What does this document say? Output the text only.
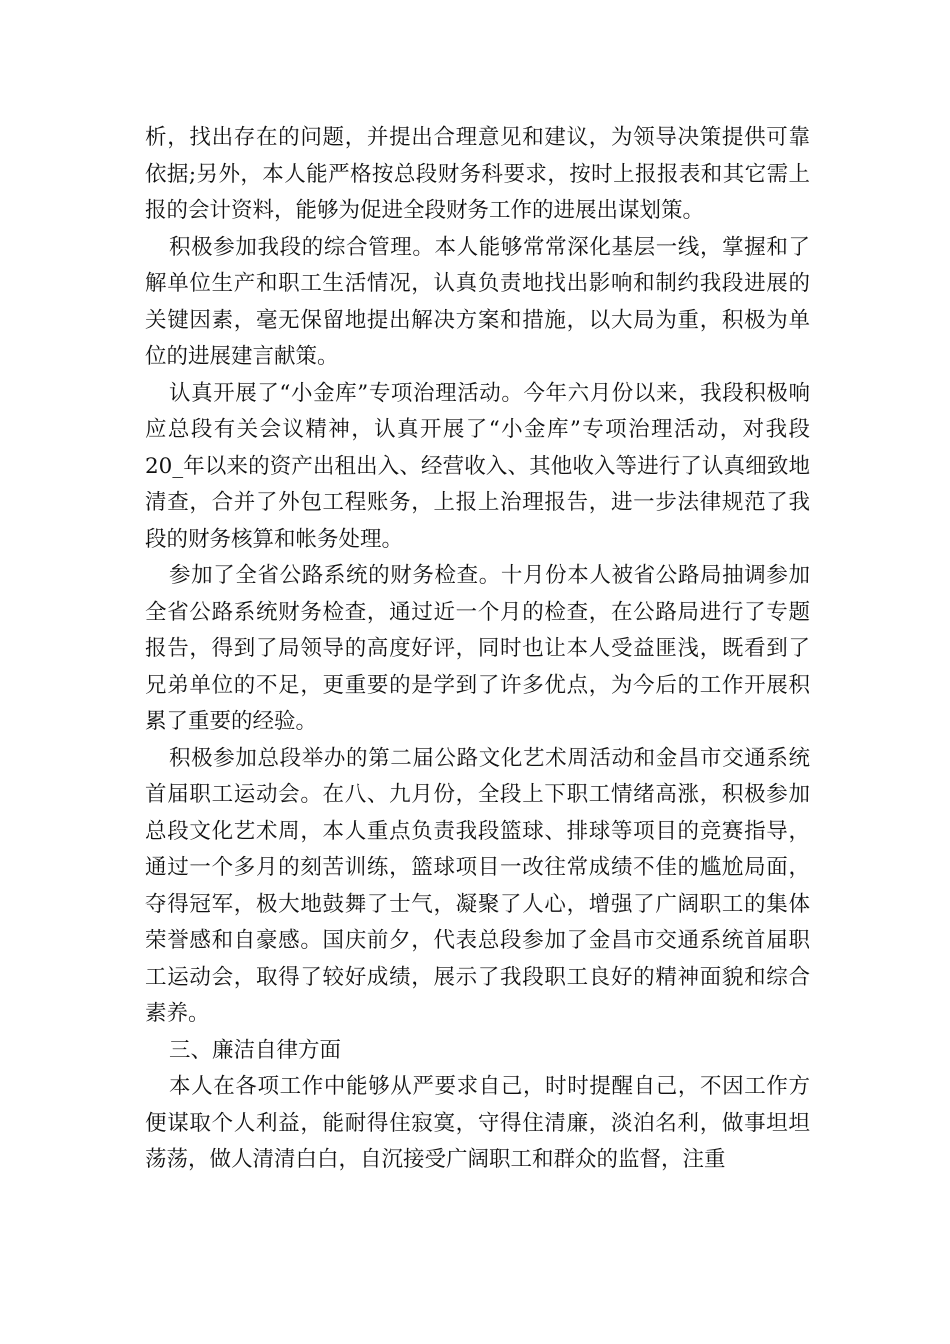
析，找出存在的问题，并提出合理意见和建议，为领导决策提供可靠依据;另外，本人能严格按总段财务科要求，按时上报报表和其它需上报的会计资料，能够为促进全段财务工作的进展出谋划策。

积极参加我段的综合管理。本人能够常常深化基层一线，掌握和了解单位生产和职工生活情况，认真负责地找出影响和制约我段进展的关键因素，毫无保留地提出解决方案和措施，以大局为重，积极为单位的进展建言献策。

认真开展了“小金库”专项治理活动。今年六月份以来，我段积极响应总段有关会议精神，认真开展了“小金库”专项治理活动，对我段 20_年以来的资产出租出入、经营收入、其他收入等进行了认真细致地清查，合并了外包工程账务，上报上治理报告，进一步法律规范了我段的财务核算和帐务处理。

参加了全省公路系统的财务检查。十月份本人被省公路局抽调参加全省公路系统财务检查，通过近一个月的检查，在公路局进行了专题报告，得到了局领导的高度好评，同时也让本人受益匪浅，既看到了兄弟单位的不足，更重要的是学到了许多优点，为今后的工作开展积累了重要的经验。

积极参加总段举办的第二届公路文化艺术周活动和金昌市交通系统首届职工运动会。在八、九月份，全段上下职工情绪高涨，积极参加总段文化艺术周，本人重点负责我段篮球、排球等项目的竞赛指导，通过一个多月的刻苦训练，篮球项目一改往常成绩不佳的尴尬局面，夺得冠军，极大地鼓舞了士气，凝聚了人心，增强了广阔职工的集体荣誉感和自豪感。国庆前夕，代表总段参加了金昌市交通系统首届职工运动会，取得了较好成绩，展示了我段职工良好的精神面貌和综合素养。

三、廉洁自律方面

本人在各项工作中能够从严要求自己，时时提醒自己，不因工作方便谋取个人利益，能耐得住寂寞，守得住清廉，淡泊名利，做事坦坦荡荡，做人清清白白，自沉接受广阔职工和群众的监督，注重
